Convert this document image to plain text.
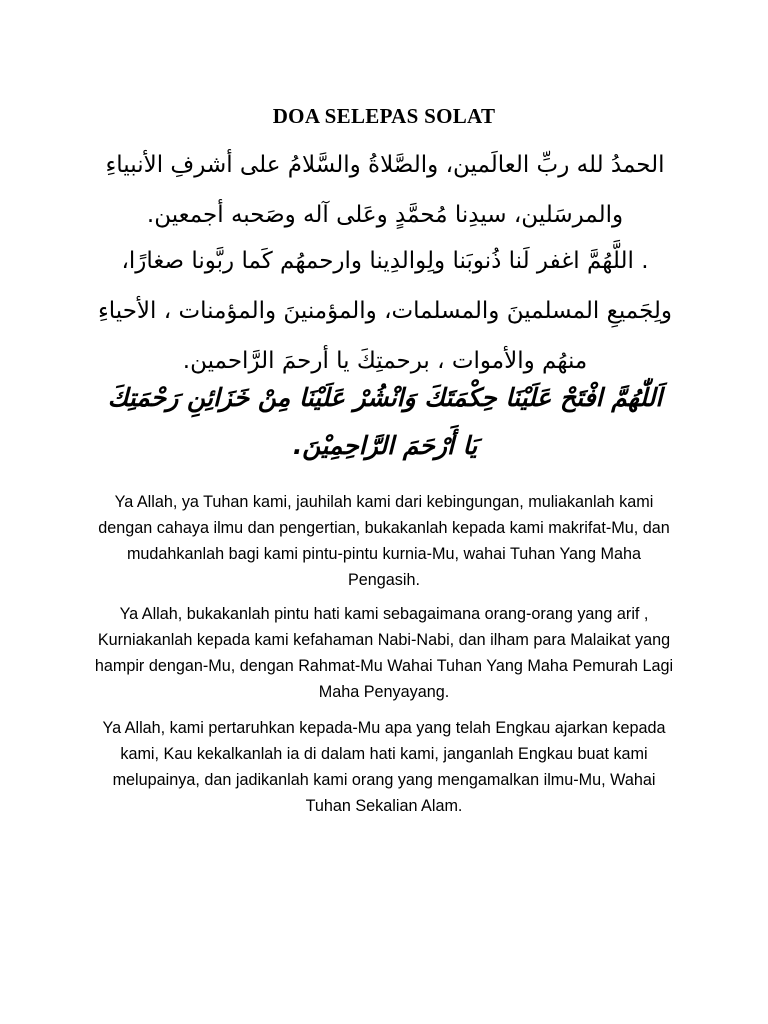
DOA SELEPAS SOLAT
الحمدُ لله ربِّ العالَمين، والصَّلاةُ والسَّلامُ على أشرفِ الأنبياءِ والمرسَلين، سيدِنا مُحمَّدٍ وعَلى آله وصَحبه أجمعين.
. اللَّهُمَّ اغفر لَنا ذُنوبَنا ولِوالدِينا وارحمهُم كَما ربَّونا صغارًا، ولِجَميعِ المسلمينَ والمسلمات، والمؤمنينَ والمؤمنات ، الأحياءِ منهُم والأموات ، برحمتِكَ يا أرحمَ الرَّاحمين.
اَللّٰهُمَّ افْتَحْ عَلَيْنَا حِكْمَتَكَ وَانْشُرْ عَلَيْنَا مِنْ خَزَائِنِ رَحْمَتِكَ يَا أَرْحَمَ الرَّاحِمِيْنَ.

Ya Allah, ya Tuhan kami, jauhilah kami dari kebingungan, muliakanlah kami dengan cahaya ilmu dan pengertian, bukakanlah kepada kami makrifat-Mu, dan mudahkanlah bagi kami pintu-pintu kurnia-Mu, wahai Tuhan Yang Maha Pengasih.

Ya Allah, bukakanlah pintu hati kami sebagaimana orang-orang yang arif , Kurniakanlah kepada kami kefahaman Nabi-Nabi, dan ilham para Malaikat yang hampir dengan-Mu, dengan Rahmat-Mu Wahai Tuhan Yang Maha Pemurah Lagi Maha Penyayang.

Ya Allah, kami pertaruhkan kepada-Mu apa yang telah Engkau ajarkan kepada kami, Kau kekalkanlah ia di dalam hati kami, janganlah Engkau buat kami melupainya, dan jadikanlah kami orang yang mengamalkan ilmu-Mu, Wahai Tuhan Sekalian Alam.
